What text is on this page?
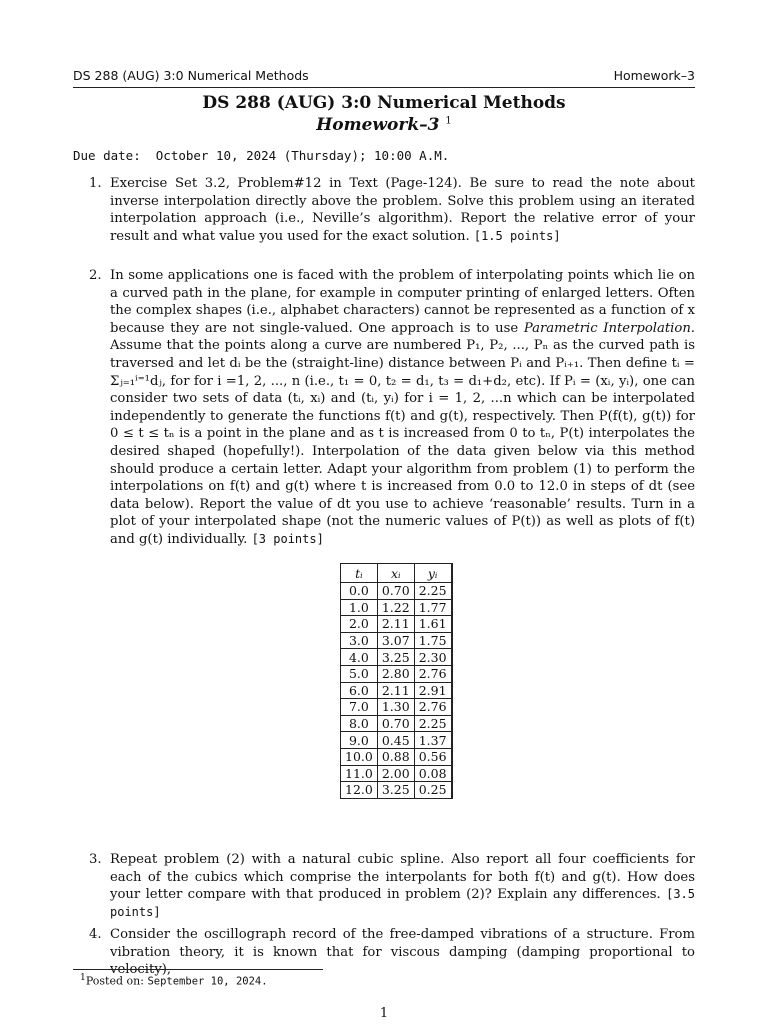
DS 288 (AUG) 3:0 Numerical Methods	Homework–3
DS 288 (AUG) 3:0 Numerical Methods
Homework–3 $^1$
Due date:  October 10, 2024 (Thursday); 10:00 A.M.
1. Exercise Set 3.2, Problem#12 in Text (Page-124). Be sure to read the note about inverse interpolation directly above the problem. Solve this problem using an iterated interpolation approach (i.e., Neville’s algorithm). Report the relative error of your result and what value you used for the exact solution. [1.5 points]
2. In some applications one is faced with the problem of interpolating points which lie on a curved path in the plane, for example in computer printing of enlarged letters. Often the complex shapes (i.e., alphabet characters) cannot be represented as a function of x because they are not single-valued. One approach is to use Parametric Interpolation. Assume that the points along a curve are numbered P₁, P₂, ..., Pₙ as the curved path is traversed and let dᵢ be the (straight-line) distance between Pᵢ and Pᵢ₊₁. Then define tᵢ = Σⱼ₌₁ⁱ⁼¹dⱼ, for for i =1, 2, ..., n (i.e., t₁ = 0, t₂ = d₁, t₃ = d₁+d₂, etc). If Pᵢ = (xᵢ, yᵢ), one can consider two sets of data (tᵢ, xᵢ) and (tᵢ, yᵢ) for i = 1, 2, ...n which can be interpolated independently to generate the functions f(t) and g(t), respectively. Then P(f(t), g(t)) for 0 ≤ t ≤ tₙ is a point in the plane and as t is increased from 0 to tₙ, P(t) interpolates the desired shaped (hopefully!). Interpolation of the data given below via this method should produce a certain letter. Adapt your algorithm from problem (1) to perform the interpolations on f(t) and g(t) where t is increased from 0.0 to 12.0 in steps of dt (see data below). Report the value of dt you use to achieve ‘reasonable’ results. Turn in a plot of your interpolated shape (not the numeric values of P(t)) as well as plots of f(t) and g(t) individually. [3 points]
tᵢ	xᵢ	yᵢ
0.0	0.70	2.25
1.0	1.22	1.77
2.0	2.11	1.61
3.0	3.07	1.75
4.0	3.25	2.30
5.0	2.80	2.76
6.0	2.11	2.91
7.0	1.30	2.76
8.0	0.70	2.25
9.0	0.45	1.37
10.0	0.88	0.56
11.0	2.00	0.08
12.0	3.25	0.25
3. Repeat problem (2) with a natural cubic spline. Also report all four coefficients for each of the cubics which comprise the interpolants for both f(t) and g(t). How does your letter compare with that produced in problem (2)? Explain any differences. [3.5 points]
4. Consider the oscillograph record of the free-damped vibrations of a structure. From vibration theory, it is known that for viscous damping (damping proportional to velocity),
$^1$Posted on: September 10, 2024.
1
